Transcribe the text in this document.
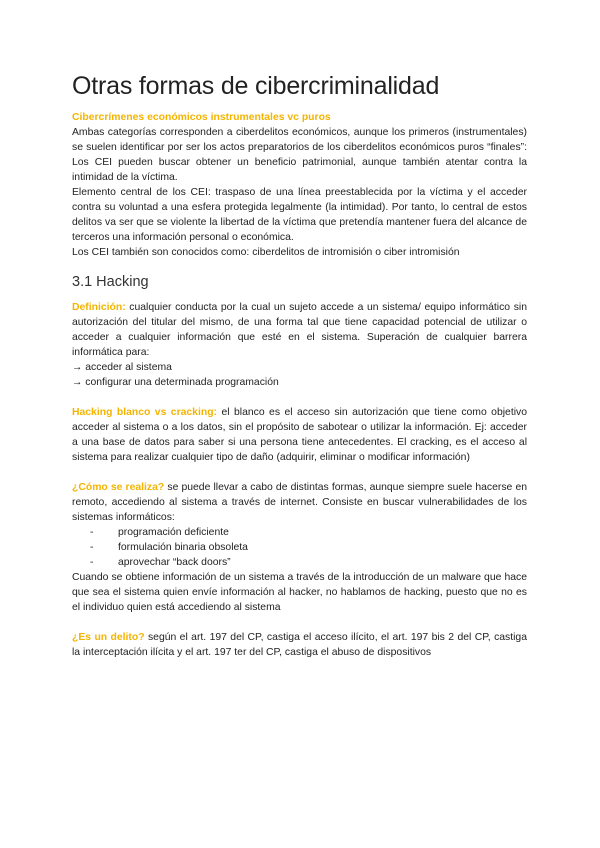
Otras formas de cibercriminalidad

Cibercrímenes económicos instrumentales vc puros

Ambas categorías corresponden a ciberdelitos económicos, aunque los primeros (instrumentales) se suelen identificar por ser los actos preparatorios de los ciberdelitos económicos puros “finales”: Los CEI pueden buscar obtener un beneficio patrimonial, aunque también atentar contra la intimidad de la víctima.

Elemento central de los CEI: traspaso de una línea preestablecida por la víctima y el acceder contra su voluntad a una esfera protegida legalmente (la intimidad). Por tanto, lo central de estos delitos va ser que se violente la libertad de la víctima que pretendía mantener fuera del alcance de terceros una información personal o económica.

Los CEI también son conocidos como: ciberdelitos de intromisión o ciber intromisión

3.1 Hacking

Definición: cualquier conducta por la cual un sujeto accede a un sistema/ equipo informático sin autorización del titular del mismo, de una forma tal que tiene capacidad potencial de utilizar o acceder a cualquier información que esté en el sistema. Superación de cualquier barrera informática para:

→ acceder al sistema

→ configurar una determinada programación

Hacking blanco vs cracking: el blanco es el acceso sin autorización que tiene como objetivo acceder al sistema o a los datos, sin el propósito de sabotear o utilizar la información. Ej: acceder a una base de datos para saber si una persona tiene antecedentes. El cracking, es el acceso al sistema para realizar cualquier tipo de daño (adquirir, eliminar o modificar información)

¿Cómo se realiza? se puede llevar a cabo de distintas formas, aunque siempre suele hacerse en remoto, accediendo al sistema a través de internet. Consiste en buscar vulnerabilidades de los sistemas informáticos:

- programación deficiente
- formulación binaria obsoleta
- aprovechar “back doors”

Cuando se obtiene información de un sistema a través de la introducción de un malware que hace que sea el sistema quien envíe información al hacker, no hablamos de hacking, puesto que no es el individuo quien está accediendo al sistema

¿Es un delito? según el art. 197 del CP, castiga el acceso ilícito, el art. 197 bis 2 del CP, castiga la interceptación ilícita y el art. 197 ter del CP, castiga el abuso de dispositivos
